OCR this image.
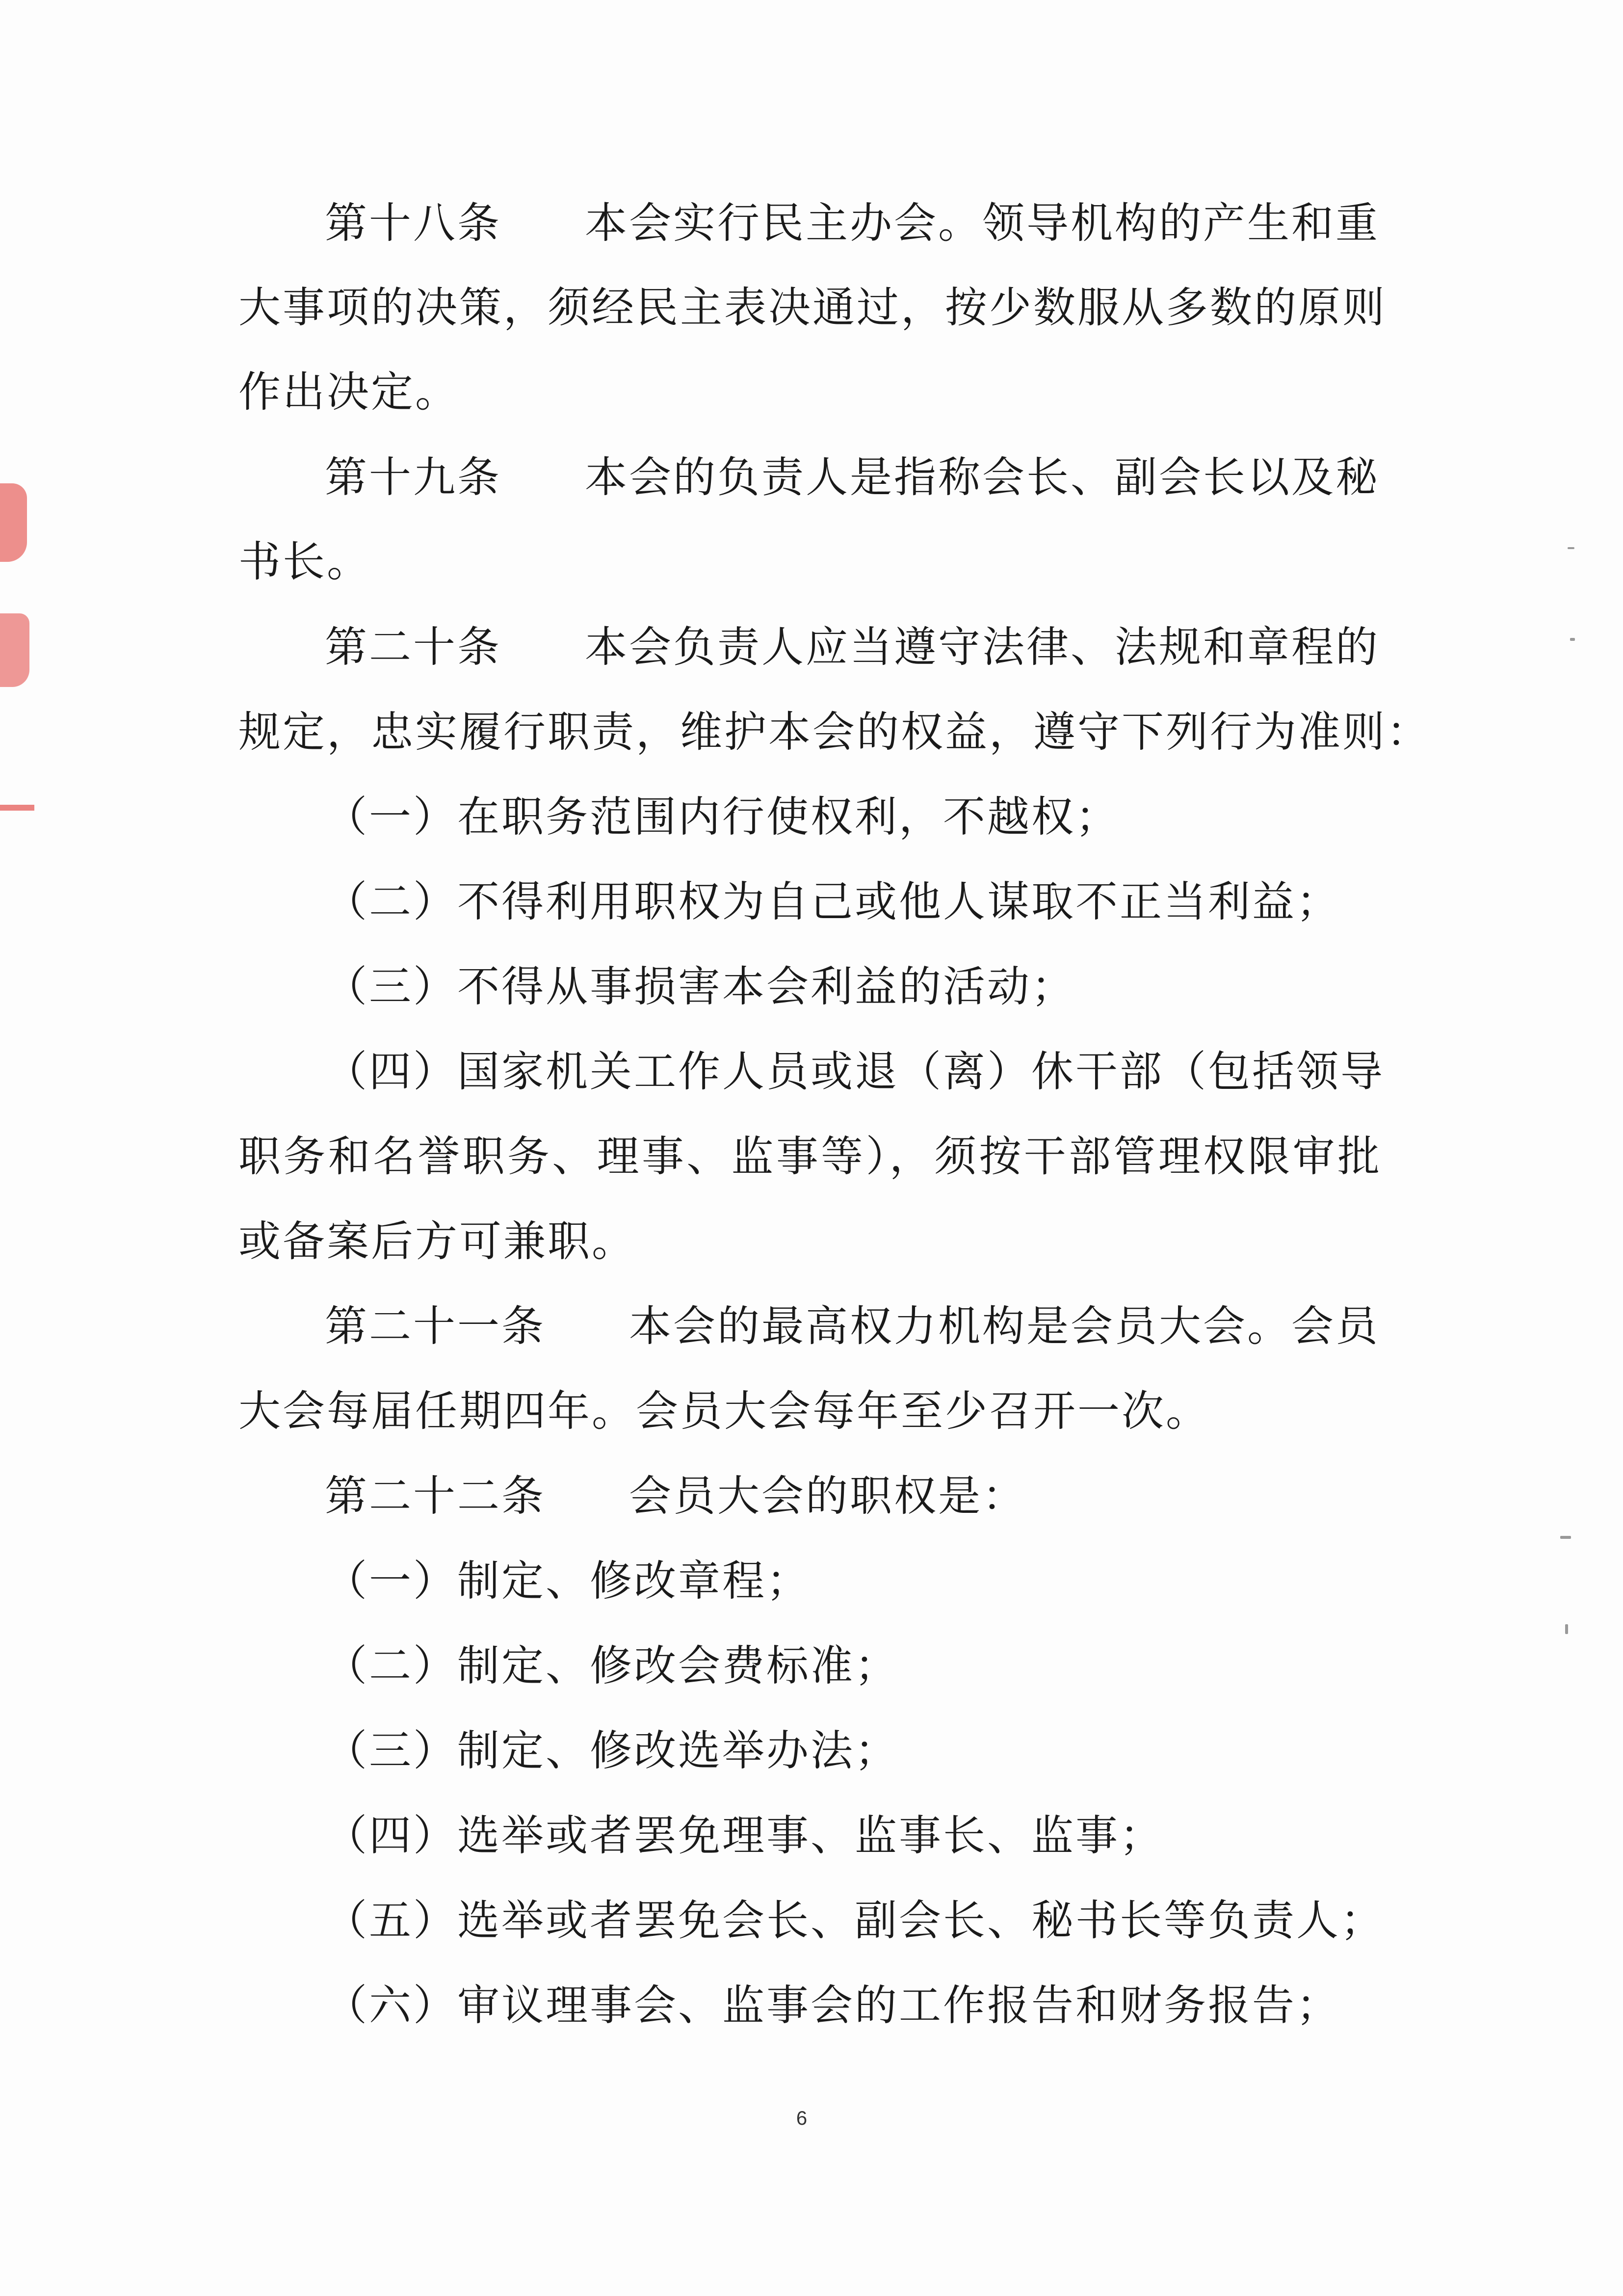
第十八条 本会实行民主办会。领导机构的产生和重
大事项的决策，须经民主表决通过，按少数服从多数的原则
作出决定。
第十九条 本会的负责人是指称会长、副会长以及秘
书长。
第二十条 本会负责人应当遵守法律、法规和章程的
规定，忠实履行职责，维护本会的权益，遵守下列行为准则：
（一）在职务范围内行使权利，不越权；
（二）不得利用职权为自己或他人谋取不正当利益；
（三）不得从事损害本会利益的活动；
（四）国家机关工作人员或退（离）休干部（包括领导
职务和名誉职务、理事、监事等），须按干部管理权限审批
或备案后方可兼职。
第二十一条 本会的最高权力机构是会员大会。会员
大会每届任期四年。会员大会每年至少召开一次。
第二十二条 会员大会的职权是：
（一）制定、修改章程；
（二）制定、修改会费标准；
（三）制定、修改选举办法；
（四）选举或者罢免理事、监事长、监事；
（五）选举或者罢免会长、副会长、秘书长等负责人；
（六）审议理事会、监事会的工作报告和财务报告；
6
